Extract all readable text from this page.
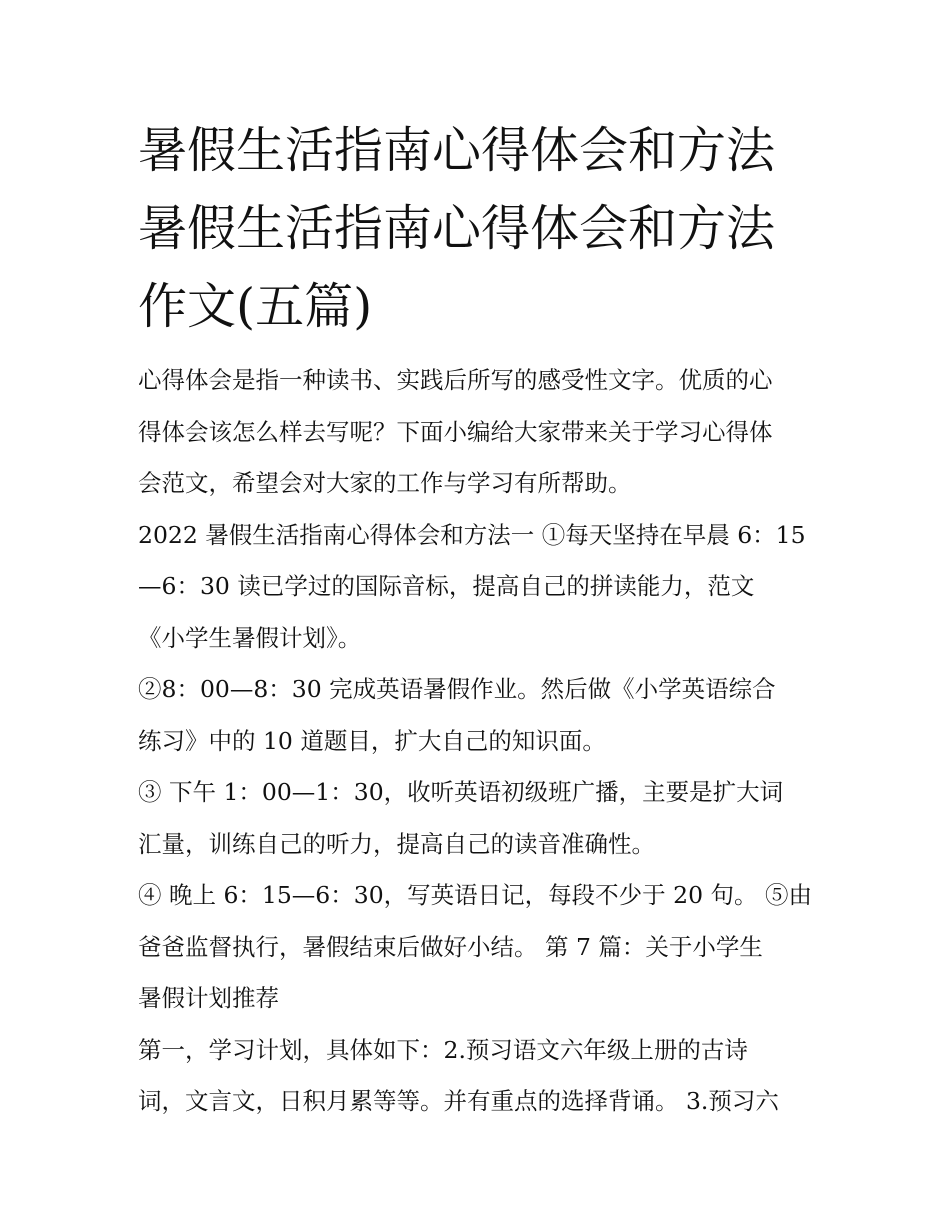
暑假生活指南心得体会和方法
暑假生活指南心得体会和方法
作文(五篇)
心得体会是指一种读书、实践后所写的感受性文字。优质的心
得体会该怎么样去写呢？下面小编给大家带来关于学习心得体
会范文，希望会对大家的工作与学习有所帮助。
2022 暑假生活指南心得体会和方法一 ①每天坚持在早晨 6：15
—6：30 读已学过的国际音标，提高自己的拼读能力，范文
《小学生暑假计划》。
②8：00—8：30 完成英语暑假作业。然后做《小学英语综合
练习》中的 10 道题目，扩大自己的知识面。
③ 下午 1：00—1：30，收听英语初级班广播，主要是扩大词
汇量，训练自己的听力，提高自己的读音准确性。
④ 晚上 6：15—6：30，写英语日记，每段不少于 20 句。 ⑤由
爸爸监督执行，暑假结束后做好小结。 第 7 篇：关于小学生
暑假计划推荐
第一，学习计划，具体如下：2.预习语文六年级上册的古诗
词，文言文，日积月累等等。并有重点的选择背诵。 3.预习六
